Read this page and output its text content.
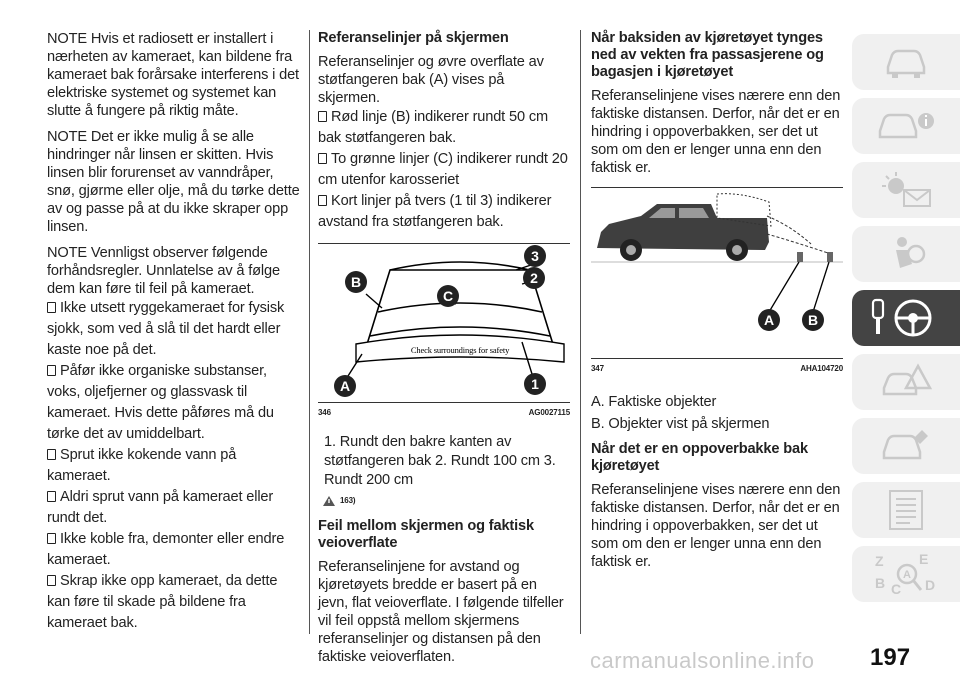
NOTE Hvis et radiosett er installert i nærheten av kameraet, kan bildene fra kameraet bak forårsake interferens i det elektriske systemet og systemet kan slutte å fungere på riktig måte.

NOTE Det er ikke mulig å se alle hindringer når linsen er skitten. Hvis linsen blir forurenset av vanndråper, snø, gjørme eller olje, må du tørke dette av og passe på at du ikke skraper opp linsen.

NOTE Vennligst observer følgende forhåndsregler. Unnlatelse av å følge dem kan føre til feil på kameraet.

Ikke utsett ryggekameraet for fysisk sjokk, som ved å slå til det hardt eller kaste noe på det.
Påfør ikke organiske substanser, voks, oljefjerner og glassvask til kameraet. Hvis dette påføres må du tørke det av umiddelbart.
Sprut ikke kokende vann på kameraet.
Aldri sprut vann på kameraet eller rundt det.
Ikke koble fra, demonter eller endre kameraet.
Skrap ikke opp kameraet, da dette kan føre til skade på bildene fra kameraet bak.
Referanselinjer på skjermen

Referanselinjer og øvre overflate av støtfangeren bak (A) vises på skjermen.

Rød linje (B) indikerer rundt 50 cm bak støtfangeren bak.
To grønne linjer (C) indikerer rundt 20 cm utenfor karosseriet
Kort linjer på tvers (1 til 3) indikerer avstand fra støtfangeren bak.
Check surroundings for safety
A
B
C
1
2
3
346	AG0027115
1. Rundt den bakre kanten av støtfangeren bak 2. Rundt 100 cm 3. Rundt 200 cm
163)
Feil mellom skjermen og faktisk veioverflate

Referanselinjene for avstand og kjøretøyets bredde er basert på en jevn, flat veioverflate. I følgende tilfeller vil feil oppstå mellom skjermens referanselinjer og distansen på den faktiske veioverflaten.

Når baksiden av kjøretøyet tynges ned av vekten fra passasjerene og bagasjen i kjøretøyet

Referanselinjene vises nærere enn den faktiske distansen. Derfor, når det er en hindring i oppoverbakken, ser det ut som om den er lenger unna enn den faktisk er.

A B
347	AHA104720

A. Faktiske objekter

B. Objekter vist på skjermen

Når det er en oppoverbakke bak kjøretøyet

Referanselinjene vises nærere enn den faktiske distansen. Derfor, når det er en hindring i oppoverbakken, ser det ut som om den er lenger unna enn den faktisk er.	Z	E
B C D
A
197
carmanualsonline.info
